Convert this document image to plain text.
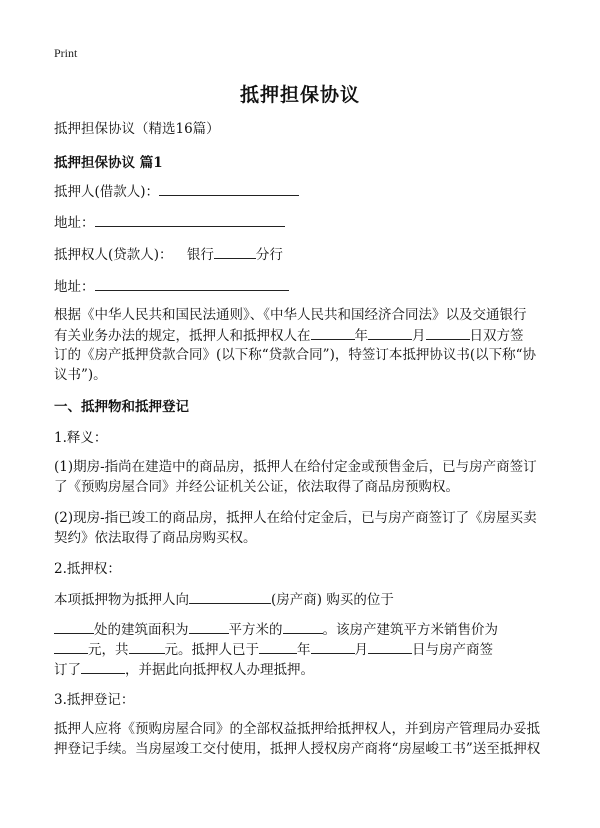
Print
抵押担保协议
抵押担保协议（精选16篇）
抵押担保协议 篇1
抵押人(借款人)：
地址：
抵押权人(贷款人)： 银行	分行
地址：
根据《中华人民共和国民法通则》、《中华人民共和国经济合同法》以及交通银行
有关业务办法的规定，抵押人和抵押权人在	年	月	日双方签
订的《房产抵押贷款合同》(以下称“贷款合同”)，特签订本抵押协议书(以下称“协
议书”)。
一、抵押物和抵押登记
1.释义：
(1)期房-指尚在建造中的商品房，抵押人在给付定金或预售金后，已与房产商签订
了《预购房屋合同》并经公证机关公证，依法取得了商品房预购权。
(2)现房-指已竣工的商品房，抵押人在给付定金后，已与房产商签订了《房屋买卖
契约》依法取得了商品房购买权。
2.抵押权：
本项抵押物为抵押人向	(房产商) 购买的位于
处的建筑面积为	平方米的	。该房产建筑平方米销售价为
元，共	元。抵押人已于	年	月	日与房产商签
订了	，并据此向抵押权人办理抵押。
3.抵押登记：
抵押人应将《预购房屋合同》的全部权益抵押给抵押权人，并到房产管理局办妥抵
押登记手续。当房屋竣工交付使用，抵押人授权房产商将“房屋峻工书”送至抵押权
